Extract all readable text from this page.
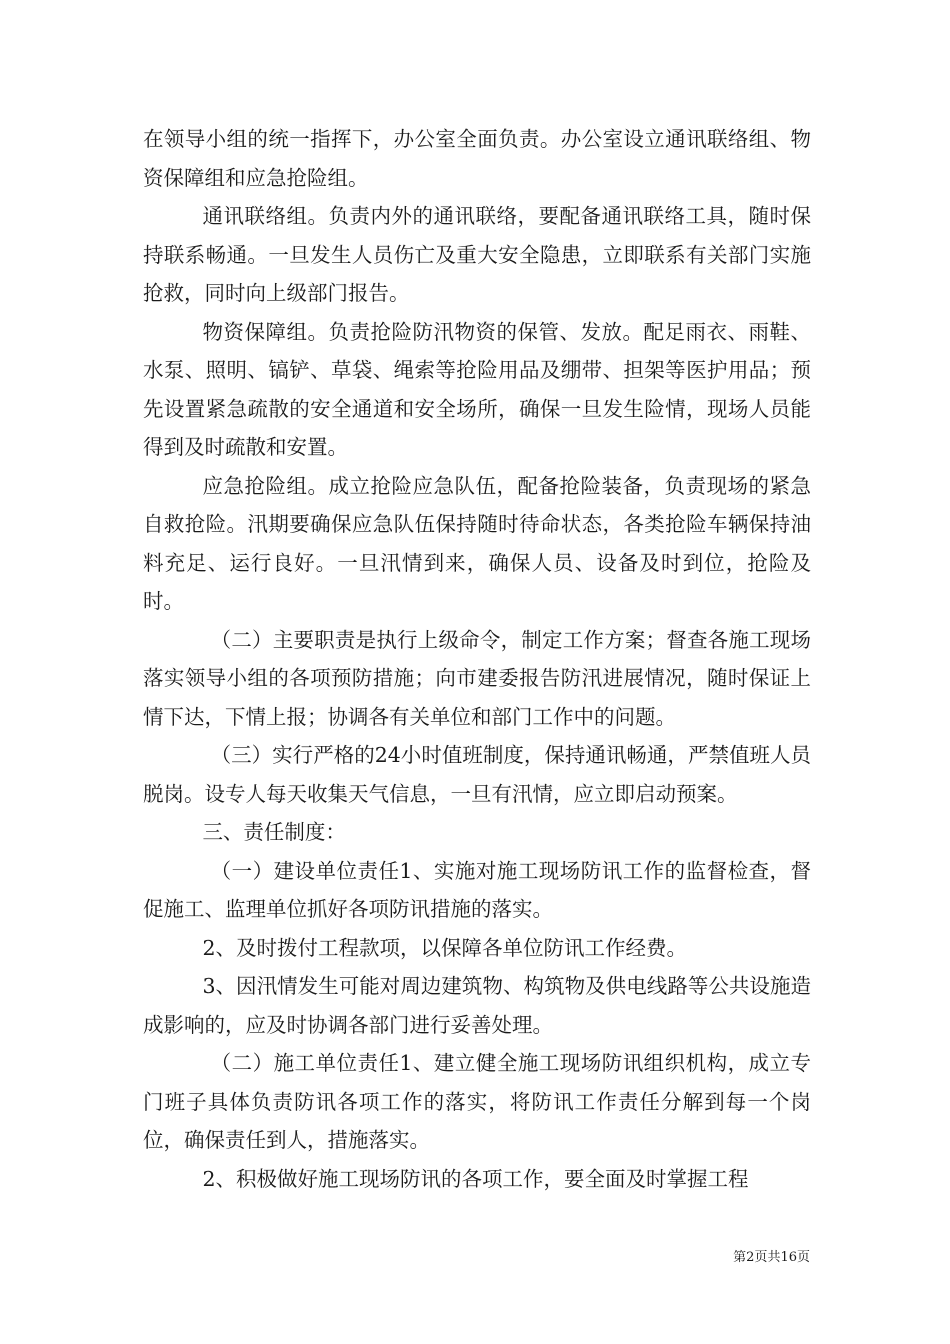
在领导小组的统一指挥下，办公室全面负责。办公室设立通讯联络组、物资保障组和应急抢险组。

通讯联络组。负责内外的通讯联络，要配备通讯联络工具，随时保持联系畅通。一旦发生人员伤亡及重大安全隐患，立即联系有关部门实施抢救，同时向上级部门报告。

物资保障组。负责抢险防汛物资的保管、发放。配足雨衣、雨鞋、水泵、照明、镐铲、草袋、绳索等抢险用品及绷带、担架等医护用品；预先设置紧急疏散的安全通道和安全场所，确保一旦发生险情，现场人员能得到及时疏散和安置。

应急抢险组。成立抢险应急队伍，配备抢险装备，负责现场的紧急自救抢险。汛期要确保应急队伍保持随时待命状态，各类抢险车辆保持油料充足、运行良好。一旦汛情到来，确保人员、设备及时到位，抢险及时。

（二）主要职责是执行上级命令，制定工作方案；督查各施工现场落实领导小组的各项预防措施；向市建委报告防汛进展情况，随时保证上情下达，下情上报；协调各有关单位和部门工作中的问题。

（三）实行严格的24小时值班制度，保持通讯畅通，严禁值班人员脱岗。设专人每天收集天气信息，一旦有汛情，应立即启动预案。

三、责任制度：

（一）建设单位责任1、实施对施工现场防讯工作的监督检查，督促施工、监理单位抓好各项防讯措施的落实。

2、及时拨付工程款项，以保障各单位防讯工作经费。

3、因汛情发生可能对周边建筑物、构筑物及供电线路等公共设施造成影响的，应及时协调各部门进行妥善处理。

（二）施工单位责任1、建立健全施工现场防讯组织机构，成立专门班子具体负责防讯各项工作的落实，将防讯工作责任分解到每一个岗位，确保责任到人，措施落实。

2、积极做好施工现场防讯的各项工作，要全面及时掌握工程

第2页共16页
